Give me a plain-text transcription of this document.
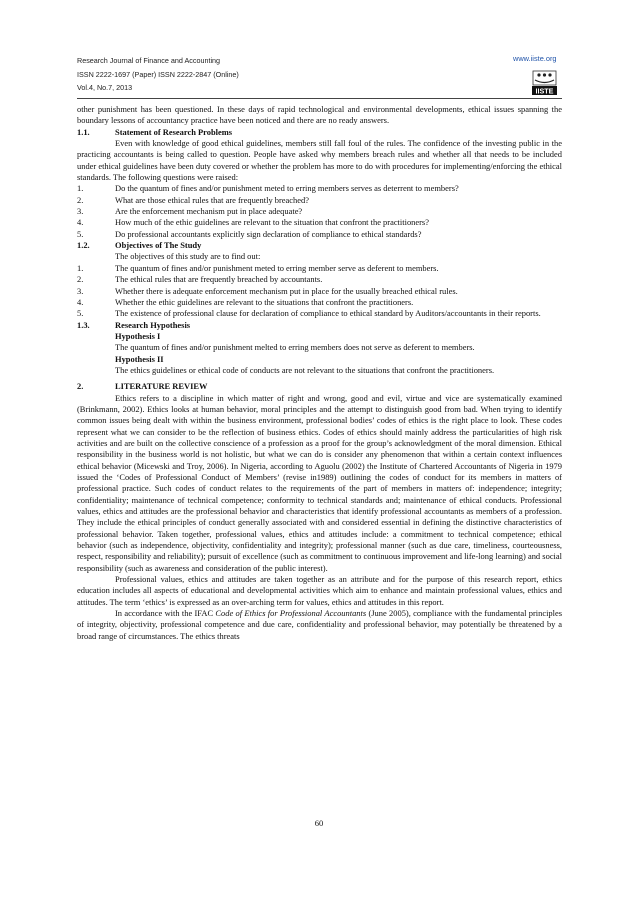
Research Journal of Finance and Accounting
ISSN 2222-1697 (Paper) ISSN 2222-2847 (Online)
Vol.4, No.7, 2013
www.iiste.org
IISTE

other punishment has been questioned. In these days of rapid technological and environmental developments, ethical issues spanning the boundary lessons of accountancy practice have been noticed and there are no ready answers.

1.1.	Statement of Research Problems

Even with knowledge of good ethical guidelines, members still fall foul of the rules. The confidence of the investing public in the practicing accountants is being called to question. People have asked why members breach rules and whether all that needs to be included under ethical guidelines have been duty covered or whether the problem has more to do with procedures for implementing/enforcing the ethical standards. The following questions were raised:

1.	Do the quantum of fines and/or punishment meted to erring members serves as deterrent to members?
2.	What are those ethical rules that are frequently breached?
3.	Are the enforcement mechanism put in place adequate?
4.	How much of the ethic guidelines are relevant to the situation that confront the practitioners?
5.	Do professional accountants explicitly sign declaration of compliance to ethical standards?
1.2.	Objectives of The Study

The objectives of this study are to find out:

1.	The quantum of fines and/or punishment meted to erring member serve as deferent to members.
2.	The ethical rules that are frequently breached by accountants.
3.	Whether there is adequate enforcement mechanism put in place for the usually breached ethical rules.
4.	Whether the ethic guidelines are relevant to the situations that confront the practitioners.
5.	The existence of professional clause for declaration of compliance to ethical standard by Auditors/accountants in their reports.
1.3.	Research Hypothesis
Hypothesis I

The quantum of fines and/or punishment melted to erring members does not serve as deferent to members.

Hypothesis II

The ethics guidelines or ethical code of conducts are not relevant to the situations that confront the practitioners.

2.	LITERATURE REVIEW

Ethics refers to a discipline in which matter of right and wrong, good and evil, virtue and vice are systematically examined (Brinkmann, 2002). Ethics looks at human behavior, moral principles and the attempt to distinguish good from bad. When trying to identify common issues being dealt with within the business environment, professional bodies’ codes of ethics is the right place to look. These codes represent what we can consider to be the reflection of business ethics. Codes of ethics should mainly address the particularities of high risk activities and are built on the collective conscience of a profession as a proof for the group’s acknowledgment of the moral dimension. Ethical responsibility in the business world is not holistic, but what we can do is consider any phenomenon that within a certain context influences ethical behavior (Micewski and Troy, 2006). In Nigeria, according to Aguolu (2002) the Institute of Chartered Accountants of Nigeria in 1979 issued the ‘Codes of Professional Conduct of Members’ (revise in1989) outlining the codes of conduct for its members in matters of professional practice. Such codes of conduct relates to the requirements of the part of members in matters of: independence; integrity; confidentiality; maintenance of technical competence; conformity to technical standards and; maintenance of ethical conducts. Professional values, ethics and attitudes are the professional behavior and characteristics that identify professional accountants as members of a profession. They include the ethical principles of conduct generally associated with and considered essential in defining the distinctive characteristics of professional behavior. Taken together, professional values, ethics and attitudes include: a commitment to technical competence; ethical behavior (such as independence, objectivity, confidentiality and integrity); professional manner (such as due care, timeliness, courteousness, respect, responsibility and reliability); pursuit of excellence (such as commitment to continuous improvement and life-long learning) and social responsibility (such as awareness and consideration of the public interest).

Professional values, ethics and attitudes are taken together as an attribute and for the purpose of this research report, ethics education includes all aspects of educational and developmental activities which aim to enhance and maintain professional values, ethics and attitudes. The term ‘ethics’ is expressed as an over-arching term for values, ethics and attitudes in this report.

In accordance with the IFAC Code of Ethics for Professional Accountants (June 2005), compliance with the fundamental principles of integrity, objectivity, professional competence and due care, confidentiality and professional behavior, may potentially be threatened by a broad range of circumstances. The ethics threats

60
